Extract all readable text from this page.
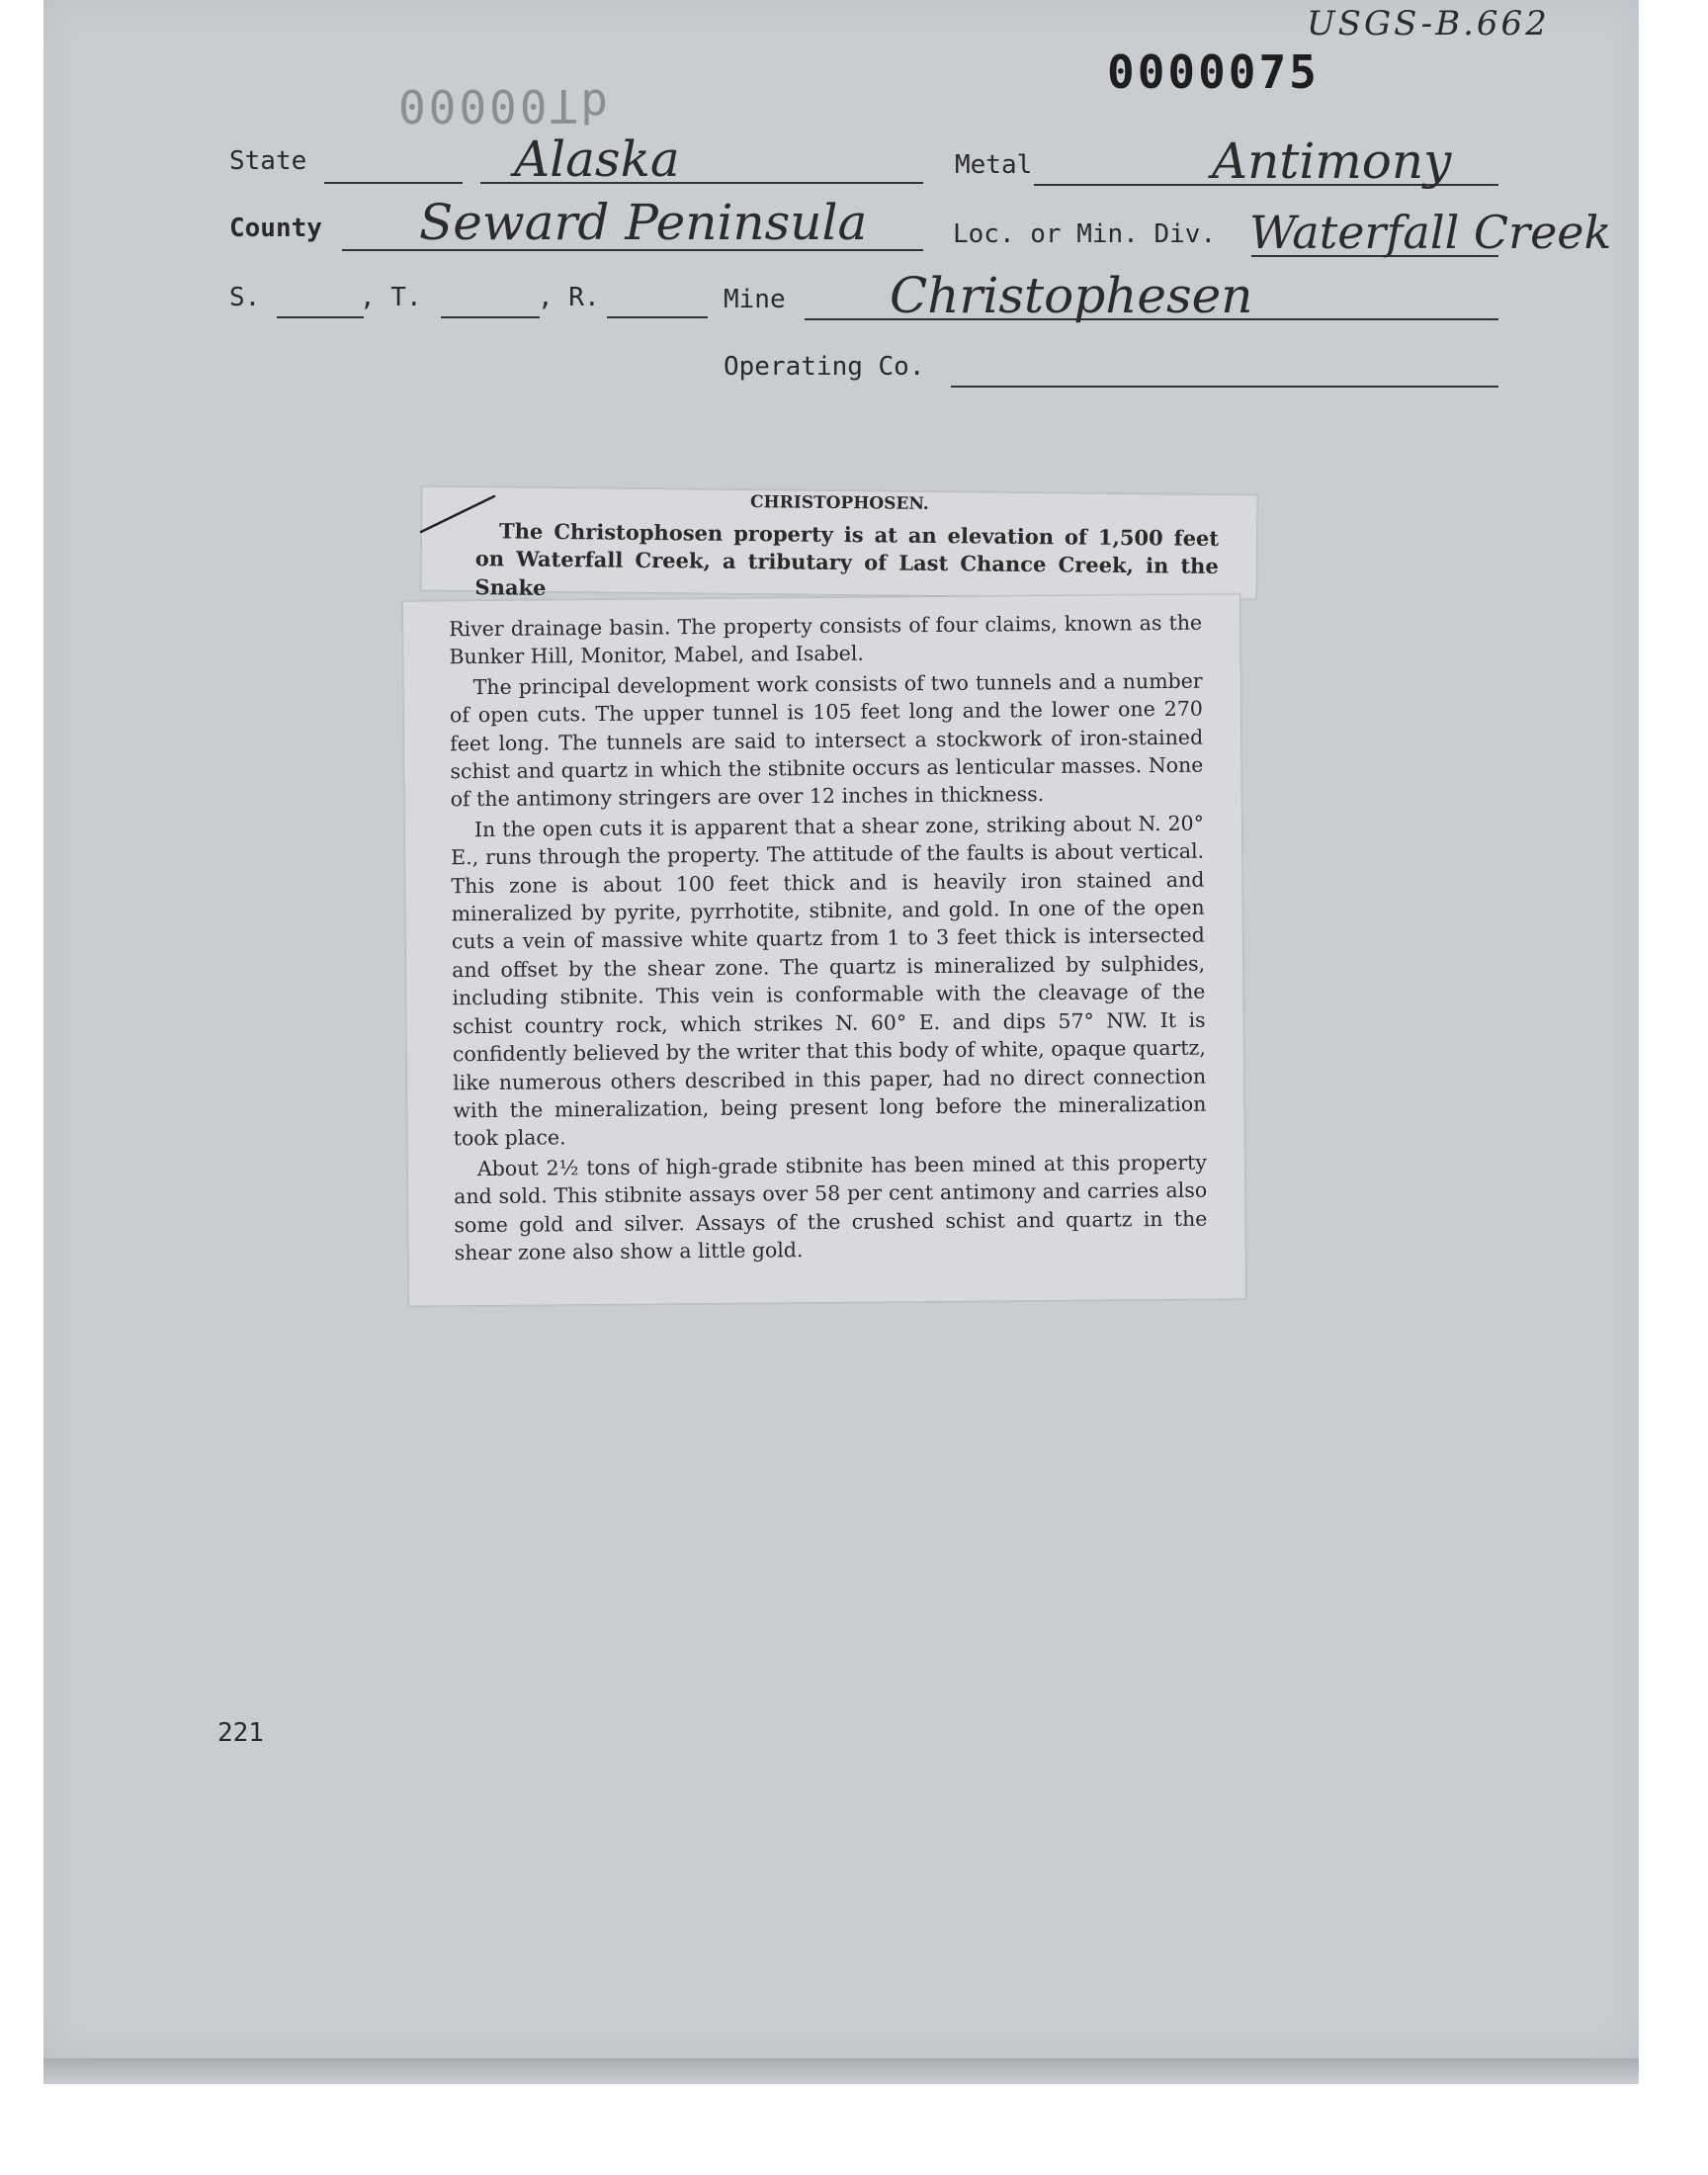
USGS-B.662
0000075
dT00000
State	Alaska	Metal	Antimony
County Seward Peninsula	Loc. or Min. Div. Waterfall Creek
S.	, T.	, R.	Mine Christophesen
Operating Co.
CHRISTOPHOSEN.

The Christophosen property is at an elevation of 1,500 feet on Waterfall Creek, a tributary of Last Chance Creek, in the Snake

River drainage basin. The property consists of four claims, known as the Bunker Hill, Monitor, Mabel, and Isabel.

The principal development work consists of two tunnels and a number of open cuts. The upper tunnel is 105 feet long and the lower one 270 feet long. The tunnels are said to intersect a stockwork of iron-stained schist and quartz in which the stibnite occurs as lenticular masses. None of the antimony stringers are over 12 inches in thickness.

In the open cuts it is apparent that a shear zone, striking about N. 20° E., runs through the property. The attitude of the faults is about vertical. This zone is about 100 feet thick and is heavily iron stained and mineralized by pyrite, pyrrhotite, stibnite, and gold. In one of the open cuts a vein of massive white quartz from 1 to 3 feet thick is intersected and offset by the shear zone. The quartz is mineralized by sulphides, including stibnite. This vein is conformable with the cleavage of the schist country rock, which strikes N. 60° E. and dips 57° NW. It is confidently believed by the writer that this body of white, opaque quartz, like numerous others described in this paper, had no direct connection with the mineralization, being present long before the mineralization took place.

About 2½ tons of high-grade stibnite has been mined at this property and sold. This stibnite assays over 58 per cent antimony and carries also some gold and silver. Assays of the crushed schist and quartz in the shear zone also show a little gold.

221
